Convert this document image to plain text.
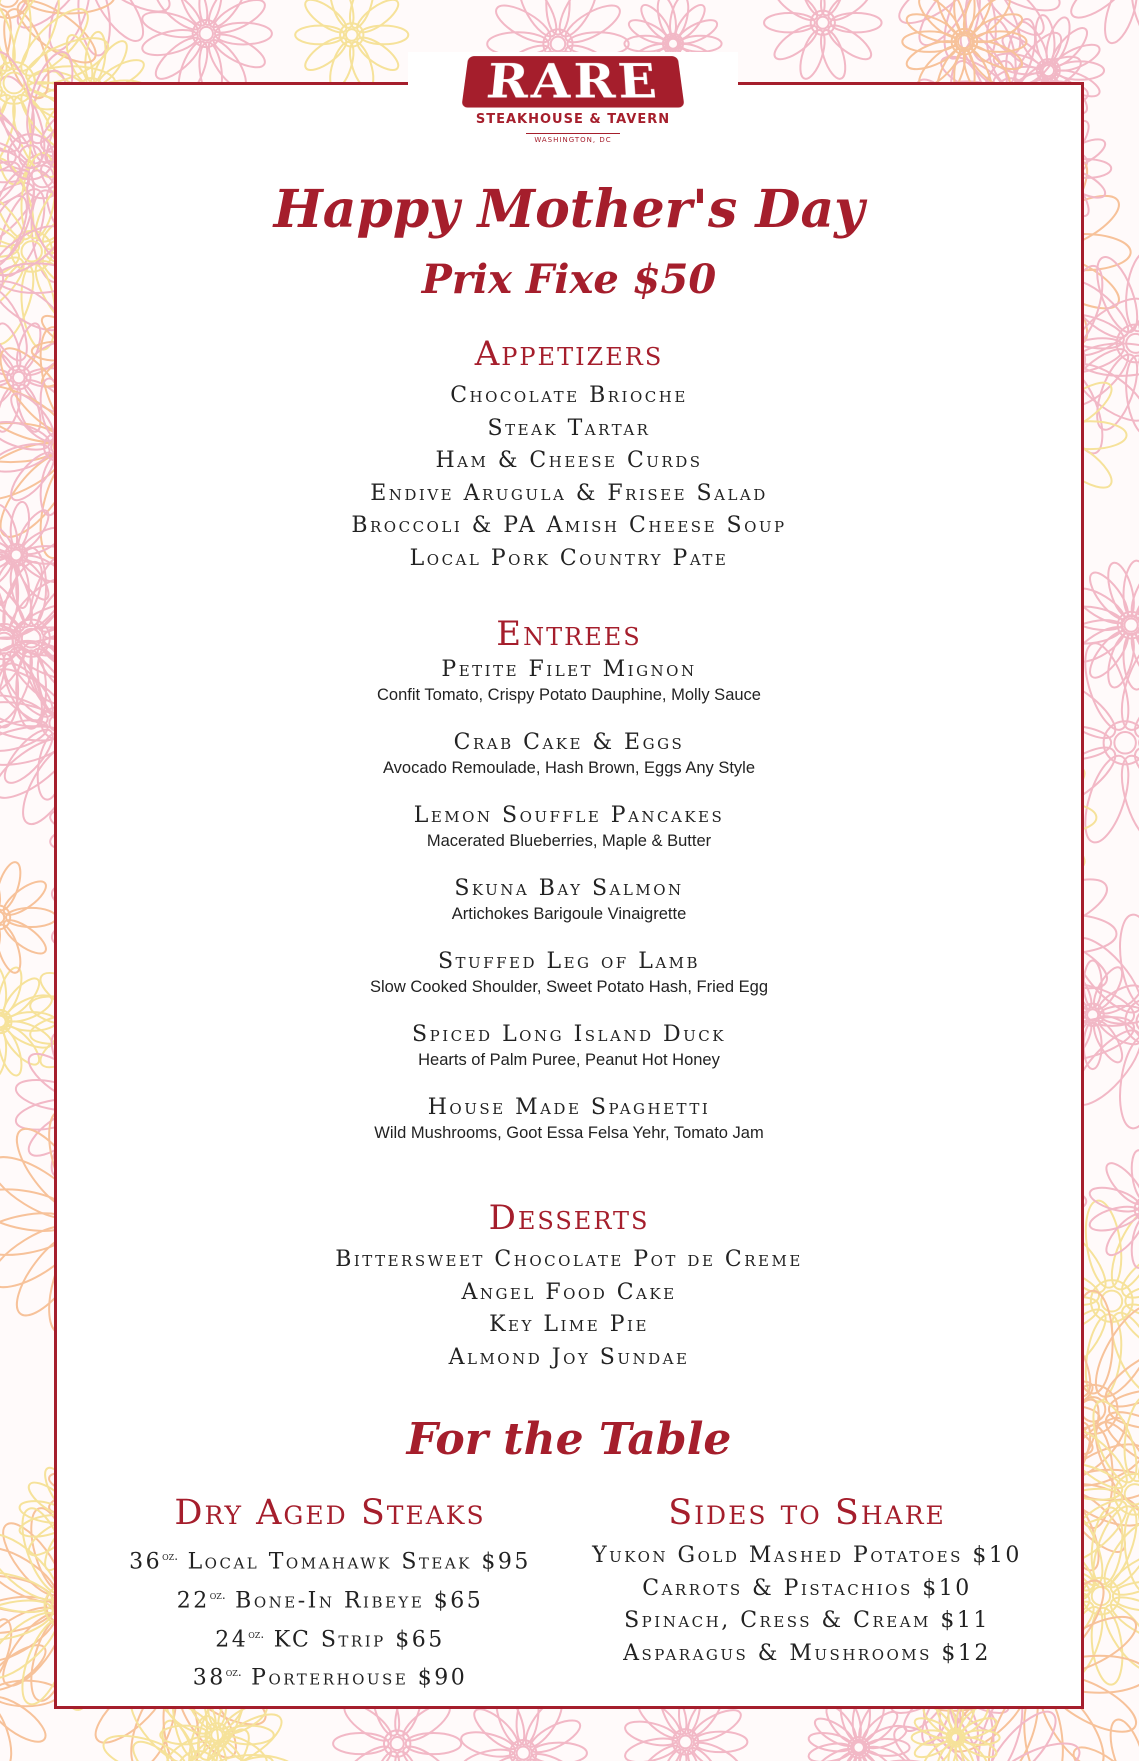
RARE
STEAKHOUSE & TAVERN
WASHINGTON, DC
Happy Mother's Day
Prix Fixe $50
Appetizers
Chocolate Brioche
Steak Tartar
Ham & Cheese Curds
Endive Arugula & Frisee Salad
Broccoli & PA Amish Cheese Soup
Local Pork Country Pate
Entrees
Petite Filet Mignon
Confit Tomato, Crispy Potato Dauphine, Molly Sauce
Crab Cake & Eggs
Avocado Remoulade, Hash Brown, Eggs Any Style
Lemon Souffle Pancakes
Macerated Blueberries, Maple & Butter
Skuna Bay Salmon
Artichokes Barigoule Vinaigrette
Stuffed Leg of Lamb
Slow Cooked Shoulder, Sweet Potato Hash, Fried Egg
Spiced Long Island Duck
Hearts of Palm Puree, Peanut Hot Honey
House Made Spaghetti
Wild Mushrooms, Goot Essa Felsa Yehr, Tomato Jam
Desserts
Bittersweet Chocolate Pot de Creme
Angel Food Cake
Key Lime Pie
Almond Joy Sundae
For the Table
Dry Aged Steaks
$36^{oz.}$ Local Tomahawk Steak $95
$22^{oz.}$ Bone-In Ribeye $65
$24^{oz.}$ KC Strip $65
$38^{oz.}$ Porterhouse $90
Sides to Share
Yukon Gold Mashed Potatoes $10
Carrots & Pistachios $10
Spinach, Cress & Cream $11
Asparagus & Mushrooms $12
